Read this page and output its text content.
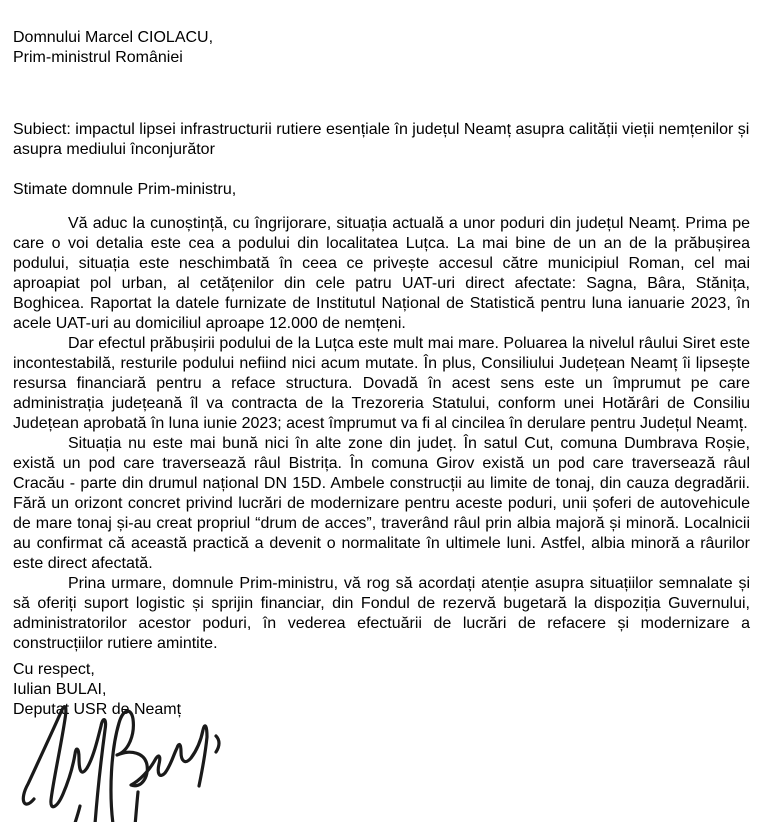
Domnului Marcel CIOLACU,
Prim-ministrul României
Subiect: impactul lipsei infrastructurii rutiere esențiale în județul Neamț asupra calității vieții nemțenilor și asupra mediului înconjurător
Stimate domnule Prim-ministru,

Vă aduc la cunoștință, cu îngrijorare, situația actuală a unor poduri din județul Neamț. Prima pe care o voi detalia este cea a podului din localitatea Luțca. La mai bine de un an de la prăbușirea podului, situația este neschimbată în ceea ce privește accesul către municipiul Roman, cel mai aproapiat pol urban, al cetățenilor din cele patru UAT-uri direct afectate: Sagna, Bâra, Stănița, Boghicea. Raportat la datele furnizate de Institutul Național de Statistică pentru luna ianuarie 2023, în acele UAT-uri au domiciliul aproape 12.000 de nemțeni.

Dar efectul prăbușirii podului de la Luțca este mult mai mare. Poluarea la nivelul râului Siret este incontestabilă, resturile podului nefiind nici acum mutate. În plus, Consiliului Județean Neamț îi lipsește resursa financiară pentru a reface structura. Dovadă în acest sens este un împrumut pe care administrația județeană îl va contracta de la Trezoreria Statului, conform unei Hotărâri de Consiliu Județean aprobată în luna iunie 2023; acest împrumut va fi al cincilea în derulare pentru Județul Neamț.

Situația nu este mai bună nici în alte zone din județ. În satul Cut, comuna Dumbrava Roșie, există un pod care traversează râul Bistrița. În comuna Girov există un pod care traversează râul Cracău - parte din drumul național DN 15D. Ambele construcții au limite de tonaj, din cauza degradării. Fără un orizont concret privind lucrări de modernizare pentru aceste poduri, unii șoferi de autovehicule de mare tonaj și-au creat propriul “drum de acces”, traverând râul prin albia majoră și minoră. Localnicii au confirmat că această practică a devenit o normalitate în ultimele luni. Astfel, albia minoră a râurilor este direct afectată.

Prina urmare, domnule Prim-ministru, vă rog să acordați atenție asupra situațiilor semnalate și să oferiți suport logistic și sprijin financiar, din Fondul de rezervă bugetară la dispoziția Guvernului, administratorilor acestor poduri, în vederea efectuării de lucrări de refacere și modernizare a construcțiilor rutiere amintite.

Cu respect,
Iulian BULAI,
Deputat USR de Neamț
